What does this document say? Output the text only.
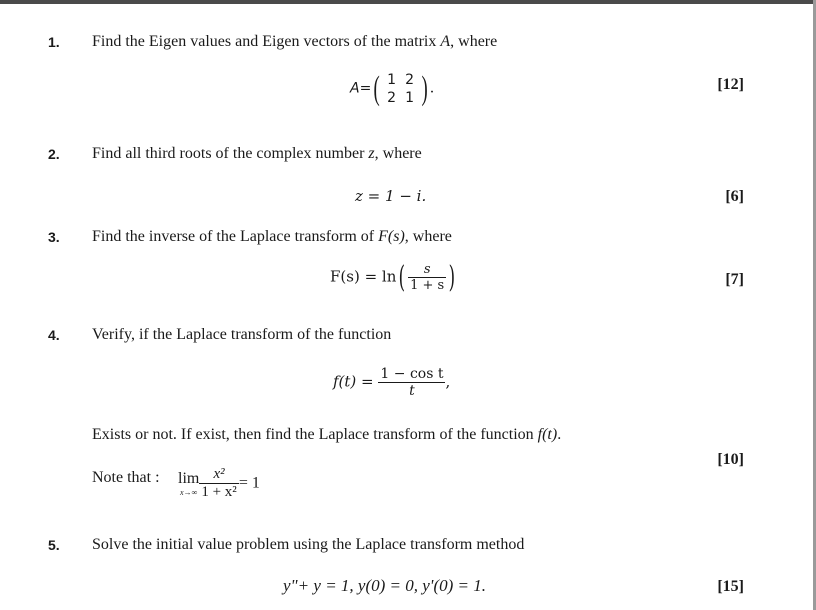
1. Find the Eigen values and Eigen vectors of the matrix A, where
A=( 1 2
2 1 ) .	[12]
2. Find all third roots of the complex number z, where
z = 1 − i.	[6]
3. Find the inverse of the Laplace transform of F(s), where
$F(s) = \ln( \frac{s}{1 + s}$ )	[7]
4. Verify, if the Laplace transform of the function
$f(t) = \frac{\text{1 − cos t}}{t}$ ,
Exists or not. If exist, then find the Laplace transform of the function f(t).
[10]
Note that : lim
$x\to\infty \frac{\text{x²}}{\text{1 + x²}} = 1$
5. Solve the initial value problem using the Laplace transform method
y"+ y = 1, y(0) = 0, y'(0) = 1.	[15]
